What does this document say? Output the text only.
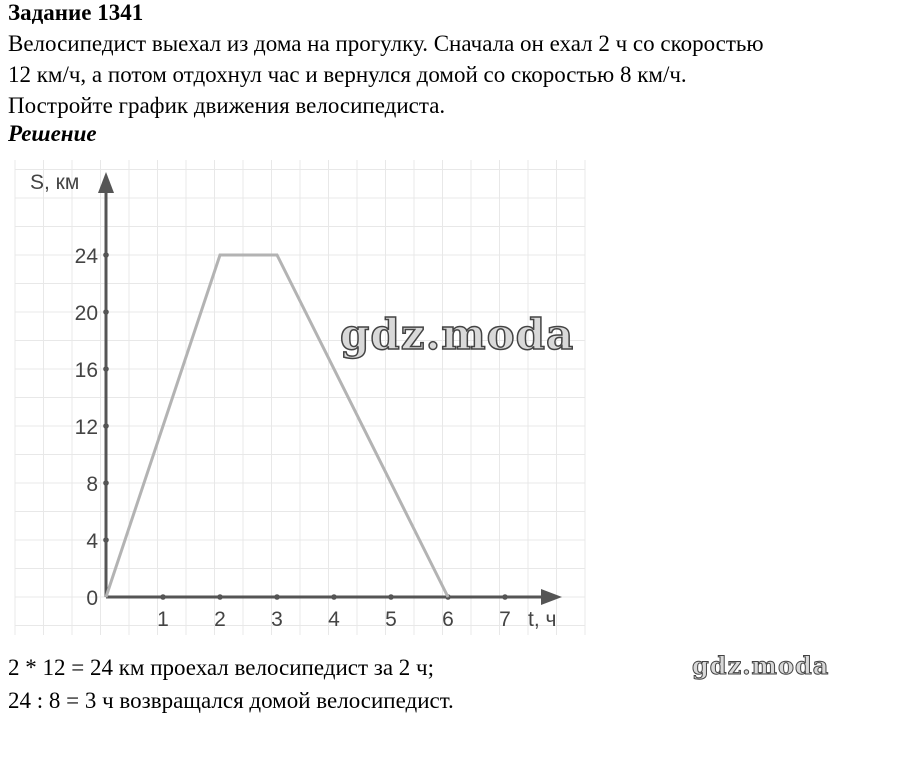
Задание 1341
Велосипедист выехал из дома на прогулку. Сначала он ехал 2 ч со скоростью
12 км/ч, а потом отдохнул час и вернулся домой со скоростью 8 км/ч.
Постройте график движения велосипедиста.
Решение
1 2 3 4 5 6 7
0
4
8
12
16
20
24
S, км
t, ч
gdz.moda
2 * 12 = 24 км проехал велосипедист за 2 ч;
24 : 8 = 3 ч возвращался домой велосипедист.
gdz.moda
